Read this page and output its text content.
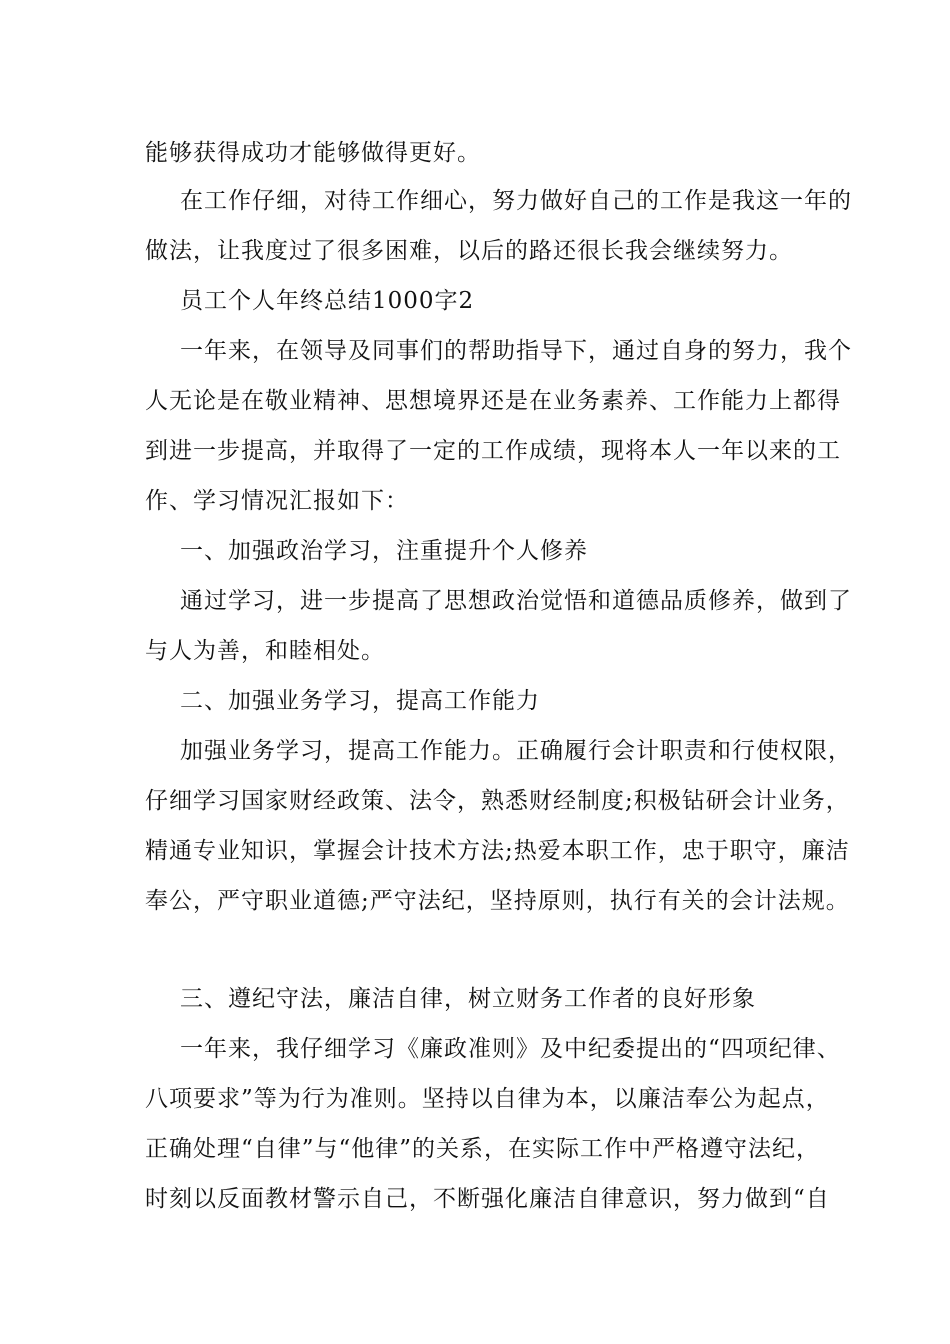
能够获得成功才能够做得更好。
在工作仔细，对待工作细心，努力做好自己的工作是我这一年的
做法，让我度过了很多困难，以后的路还很长我会继续努力。
员工个人年终总结1000字2
一年来，在领导及同事们的帮助指导下，通过自身的努力，我个
人无论是在敬业精神、思想境界还是在业务素养、工作能力上都得
到进一步提高，并取得了一定的工作成绩，现将本人一年以来的工
作、学习情况汇报如下：
一、加强政治学习，注重提升个人修养
通过学习，进一步提高了思想政治觉悟和道德品质修养，做到了
与人为善，和睦相处。
二、加强业务学习，提高工作能力
加强业务学习，提高工作能力。正确履行会计职责和行使权限，
仔细学习国家财经政策、法令，熟悉财经制度;积极钻研会计业务，
精通专业知识，掌握会计技术方法;热爱本职工作，忠于职守，廉洁
奉公，严守职业道德;严守法纪，坚持原则，执行有关的会计法规。
三、遵纪守法，廉洁自律，树立财务工作者的良好形象
一年来，我仔细学习《廉政准则》及中纪委提出的“四项纪律、
八项要求”等为行为准则。坚持以自律为本，以廉洁奉公为起点，
正确处理“自律”与“他律”的关系，在实际工作中严格遵守法纪，
时刻以反面教材警示自己，不断强化廉洁自律意识，努力做到“自
